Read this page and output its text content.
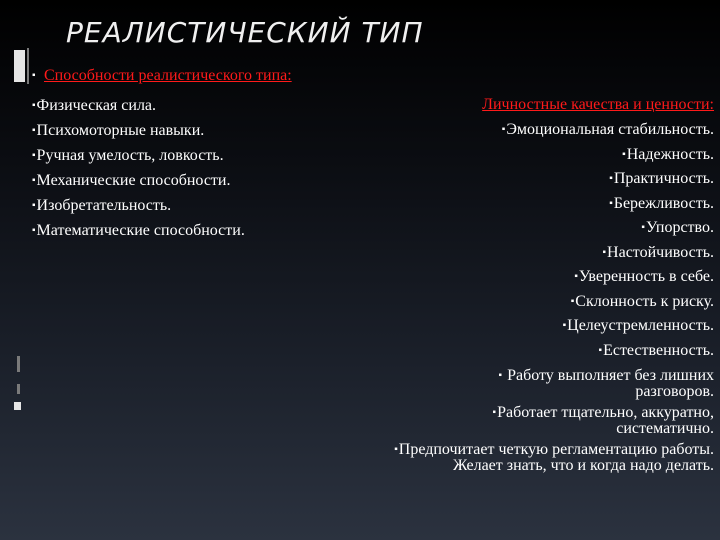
РЕАЛИСТИЧЕСКИЙ ТИП
▪ Способности реалистического типа:
▪Физическая сила.
▪Психомоторные навыки.
▪Ручная умелость, ловкость.
▪Механические способности.
▪Изобретательность.
▪Математические способности.
Личностные качества и ценности:
▪Эмоциональная стабильность.
▪Надежность.
▪Практичность.
▪Бережливость.
▪Упорство.
▪Настойчивость.
▪Уверенность в себе.
▪Склонность к риску.
▪Целеустремленность.
▪Естественность.
▪ Работу выполняет без лишних разговоров.
▪Работает тщательно, аккуратно, систематично.
▪Предпочитает четкую регламентацию работы. Желает знать, что и когда надо делать.
